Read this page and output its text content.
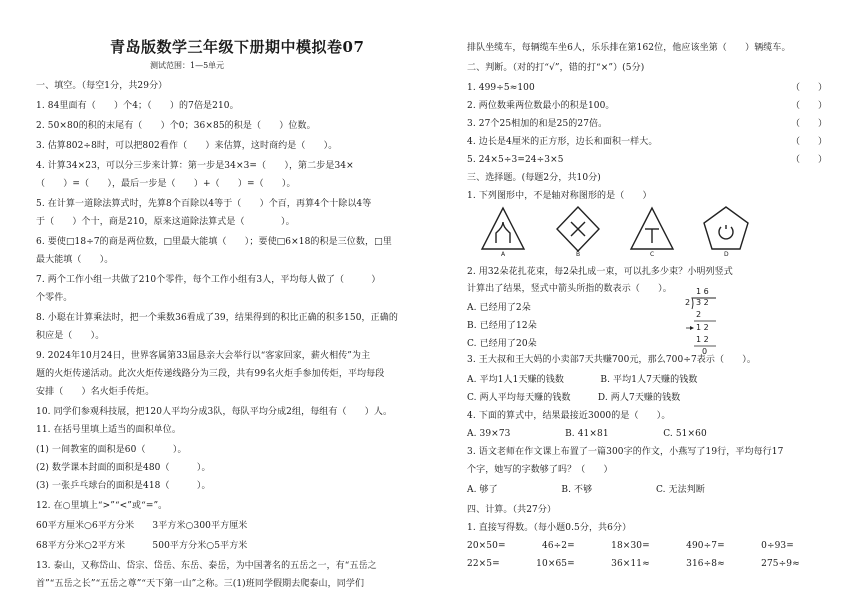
青岛版数学三年级下册期中模拟卷07
测试范围：1—5单元
一、填空。（每空1分，共29分）
1. 84里面有（　　）个4；（　　）的7倍是210。
2. 50×80的积的末尾有（　　）个0；36×85的积是（　　）位数。
3. 估算802÷8时，可以把802看作（　　）来估算，这时商约是（　　）。
4. 计算34×23，可以分三步来计算：第一步是34×3=（　　），第二步是34×
（　　）=（　　），最后一步是（　　）+（　　）=（　　）。
5. 在计算一道除法算式时，先算8个百除以4等于（　　）个百，再算4个十除以4等
于（　　）个十，商是210，原来这道除法算式是（　　　　）。
6. 要使□18÷7的商是两位数，□里最大能填（　　）；要使□6×18的积是三位数，□里
最大能填（　　）。
7. 两个工作小组一共做了210个零件，每个工作小组有3人，平均每人做了（　　　）
个零件。
8. 小聪在计算乘法时，把一个乘数36看成了39，结果得到的积比正确的积多150，正确的
积应是（　　）。
9. 2024年10月24日，世界客属第33届恳亲大会举行以“客家回家，薪火相传”为主
题的火炬传递活动。此次火炬传递线路分为三段，共有99名火炬手参加传炬，平均每段
安排（　　）名火炬手传炬。
10. 同学们参观科技展，把120人平均分成3队，每队平均分成2组，每组有（　　）人。
11. 在括号里填上适当的面积单位。
(1) 一间教室的面积是60（　　　）。
(2) 数学课本封面的面积是480（　　　）。
(3) 一张乒乓球台的面积是418（　　　）。
12. 在○里填上“>”“<”或“=”。
60平方厘米○6平方分米　　3平方米○300平方厘米
68平方分米○2平方米　　　500平方分米○5平方米
13. 泰山，又称岱山、岱宗、岱岳、东岳、泰岳，为中国著名的五岳之一，有“五岳之
首”“五岳之长”“五岳之尊”“天下第一山”之称。三(1)班同学假期去爬泰山，同学们
排队坐缆车，每辆缆车坐6人，乐乐排在第162位，他应该坐第（　　）辆缆车。
二、判断。（对的打“√”，错的打“×”）(5分)
1. 499÷5≈100	（　　）
2. 两位数乘两位数最小的积是100。	（　　）
3. 27个25相加的和是25的27倍。	（　　）
4. 边长是4厘米的正方形，边长和面积一样大。	（　　）
5. 24×5÷3=24÷3×5	（　　）
三、选择题。(每题2分，共10分)
1. 下列图形中，不是轴对称图形的是（　　）
2. 用32朵花扎花束，每2朵扎成一束，可以扎多少束？小明列竖式
计算出了结果，竖式中箭头所指的数表示（　　）。
A. 已经用了2朵
B. 已经用了12朵
C. 已经用了20朵
3. 王大叔和王大妈的小卖部7天共赚700元，那么700÷7表示（　　）。
A. 平均1人1天赚的钱数　　　　B. 平均1人7天赚的钱数
C. 两人平均每天赚的钱数　　　D. 两人7天赚的钱数
4. 下面的算式中，结果最接近3000的是（　　）。
A. 39×73　　　　　　B. 41×81　　　　　　C. 51×60
3. 语文老师在作文课上布置了一篇300字的作文，小燕写了19行，平均每行17
个字，她写的字数够了吗？（　　）
A. 够了　　　　　　　B. 不够　　　　　　　C. 无法判断
四、计算。（共27分）
1. 直接写得数。（每小题0.5分，共6分）
20×50=　　　　46÷2=　　　　18×30=　　　　490÷7=　　　　0÷93=
22×5=　　　　10×65=　　　　36×11≈　　　　316÷8≈　　　　275÷9≈
A	B	C	D
1 6
2 3 2
2
1 2
1 2
0
